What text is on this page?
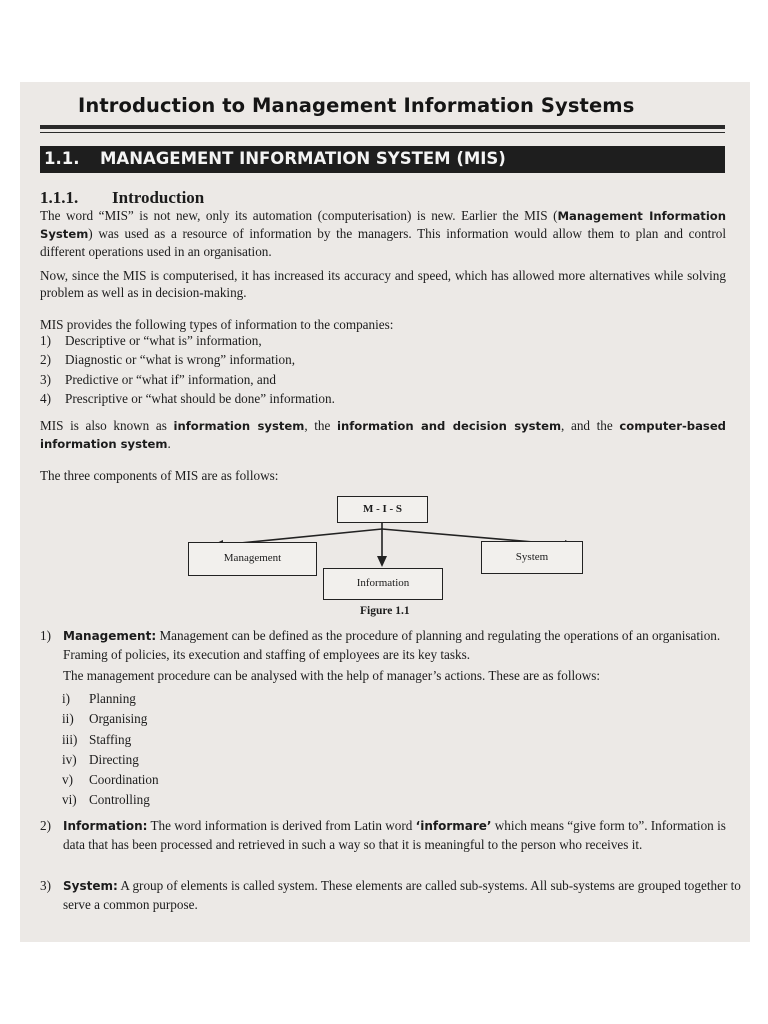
Introduction to Management Information Systems
1.1. MANAGEMENT INFORMATION SYSTEM (MIS)
1.1.1. Introduction
The word “MIS” is not new, only its automation (computerisation) is new. Earlier the MIS (Management Information System) was used as a resource of information by the managers. This information would allow them to plan and control different operations used in an organisation.
Now, since the MIS is computerised, it has increased its accuracy and speed, which has allowed more alternatives while solving problem as well as in decision-making.
MIS provides the following types of information to the companies:
1) Descriptive or “what is” information,
2) Diagnostic or “what is wrong” information,
3) Predictive or “what if” information, and
4) Prescriptive or “what should be done” information.
MIS is also known as information system, the information and decision system, and the computer-based information system.
The three components of MIS are as follows:
M - I - S
Management
Information
System
Figure 1.1
1)	Management: Management can be defined as the procedure of planning and regulating the operations of an organisation. Framing of policies, its execution and staffing of employees are its key tasks.
The management procedure can be analysed with the help of manager’s actions. These are as follows:
i) Planning
ii) Organising
iii) Staffing
iv) Directing
v) Coordination
vi) Controlling
2)	Information: The word information is derived from Latin word ‘informare’ which means “give form to”. Information is data that has been processed and retrieved in such a way so that it is meaningful to the person who receives it.
3)	System: A group of elements is called system. These elements are called sub-systems. All sub-systems are grouped together to serve a common purpose.
